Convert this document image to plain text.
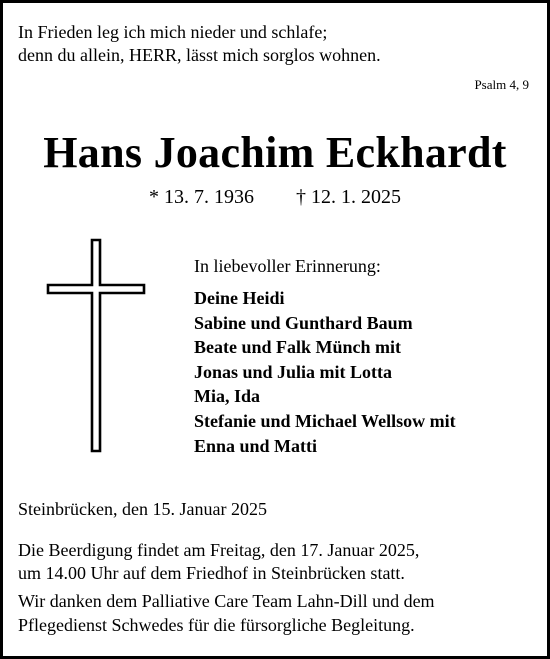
In Frieden leg ich mich nieder und schlafe;
denn du allein, HERR, lässt mich sorglos wohnen.
Psalm 4, 9
Hans Joachim Eckhardt
* 13. 7. 1936 † 12. 1. 2025
In liebevoller Erinnerung:
Deine Heidi
Sabine und Gunthard Baum
Beate und Falk Münch mit
Jonas und Julia mit Lotta
Mia, Ida
Stefanie und Michael Wellsow mit
Enna und Matti
Steinbrücken, den 15. Januar 2025
Die Beerdigung findet am Freitag, den 17. Januar 2025,
um 14.00 Uhr auf dem Friedhof in Steinbrücken statt.
Wir danken dem Palliative Care Team Lahn-Dill und dem
Pflegedienst Schwedes für die fürsorgliche Begleitung.
